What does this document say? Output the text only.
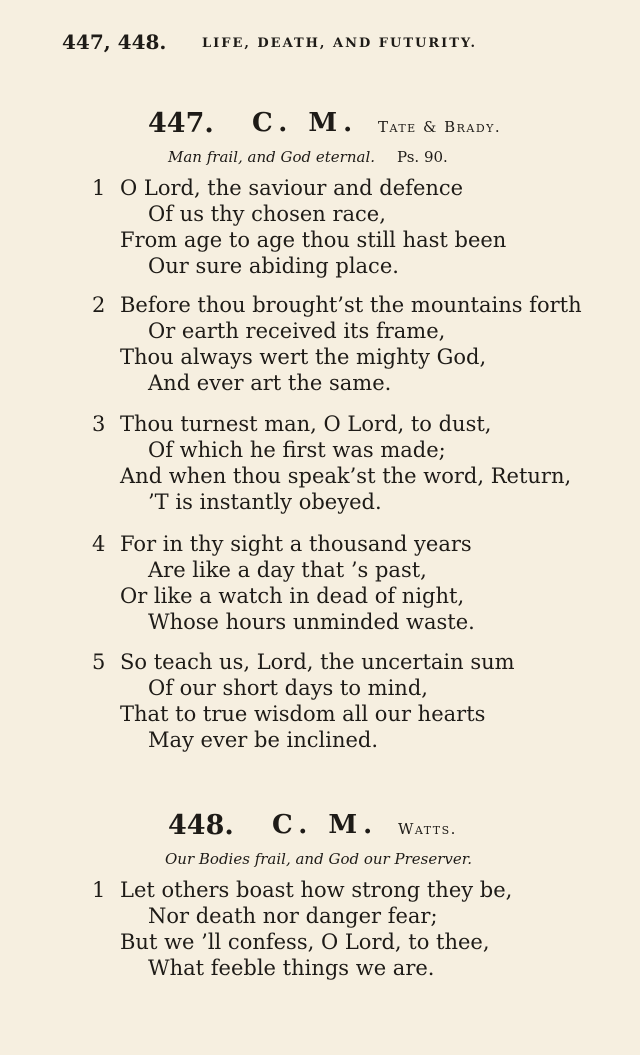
447, 448.	LIFE, DEATH, AND FUTURITY.
447. C. M. Tate & Brady.
Man frail, and God eternal. Ps. 90.
1 O Lord, the saviour and defence
Of us thy chosen race,
From age to age thou still hast been
Our sure abiding place.
2 Before thou brought’st the mountains forth
Or earth received its frame,
Thou always wert the mighty God,
And ever art the same.
3 Thou turnest man, O Lord, to dust,
Of which he first was made;
And when thou speak’st the word, Return,
’T is instantly obeyed.
4 For in thy sight a thousand years
Are like a day that ’s past,
Or like a watch in dead of night,
Whose hours unminded waste.
5 So teach us, Lord, the uncertain sum
Of our short days to mind,
That to true wisdom all our hearts
May ever be inclined.
448. C. M. Watts.
Our Bodies frail, and God our Preserver.
1 Let others boast how strong they be,
Nor death nor danger fear;
But we ’ll confess, O Lord, to thee,
What feeble things we are.
